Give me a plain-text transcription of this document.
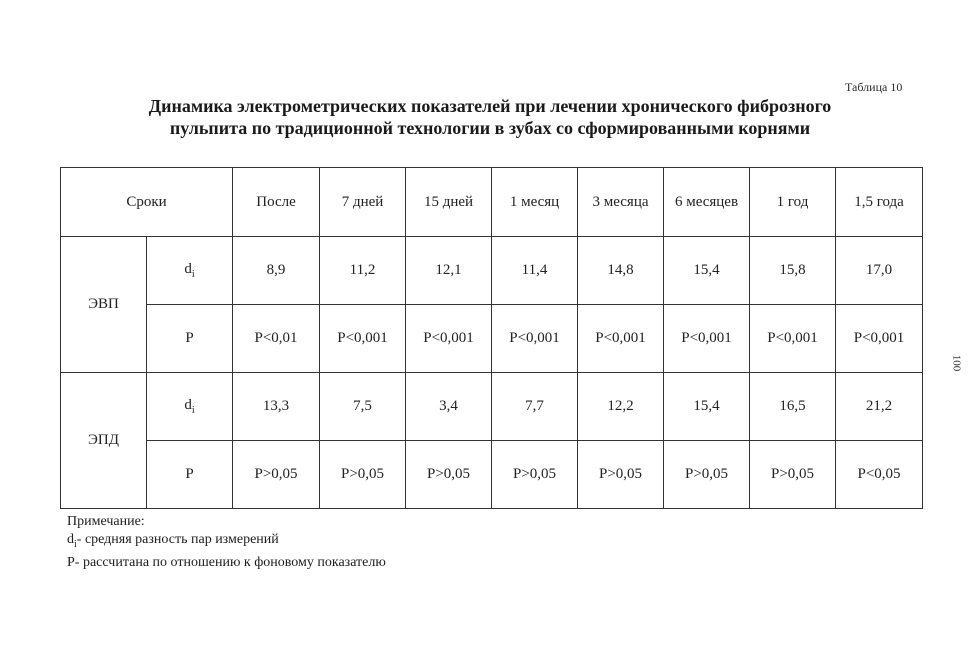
Таблица 10
Динамика электрометрических показателей при лечении хронического фиброзного
пульпита по традиционной технологии в зубах со сформированными корнями
Сроки		После	7 дней	15 дней	1 месяц	3 месяца	6 месяцев	1 год	1,5 года
ЭВП	$d_i$	8,9	11,2	12,1	11,4	14,8	15,4	15,8	17,0
	P	P<0,01	P<0,001	P<0,001	P<0,001	P<0,001	P<0,001	P<0,001	P<0,001
ЭПД	$d_i$	13,3	7,5	3,4	7,7	12,2	15,4	16,5	21,2
	P	P>0,05	P>0,05	P>0,05	P>0,05	P>0,05	P>0,05	P>0,05	P<0,05
Примечание:
$d_i-$ средняя разность пар измерений
P- рассчитана по отношению к фоновому показателю
100
